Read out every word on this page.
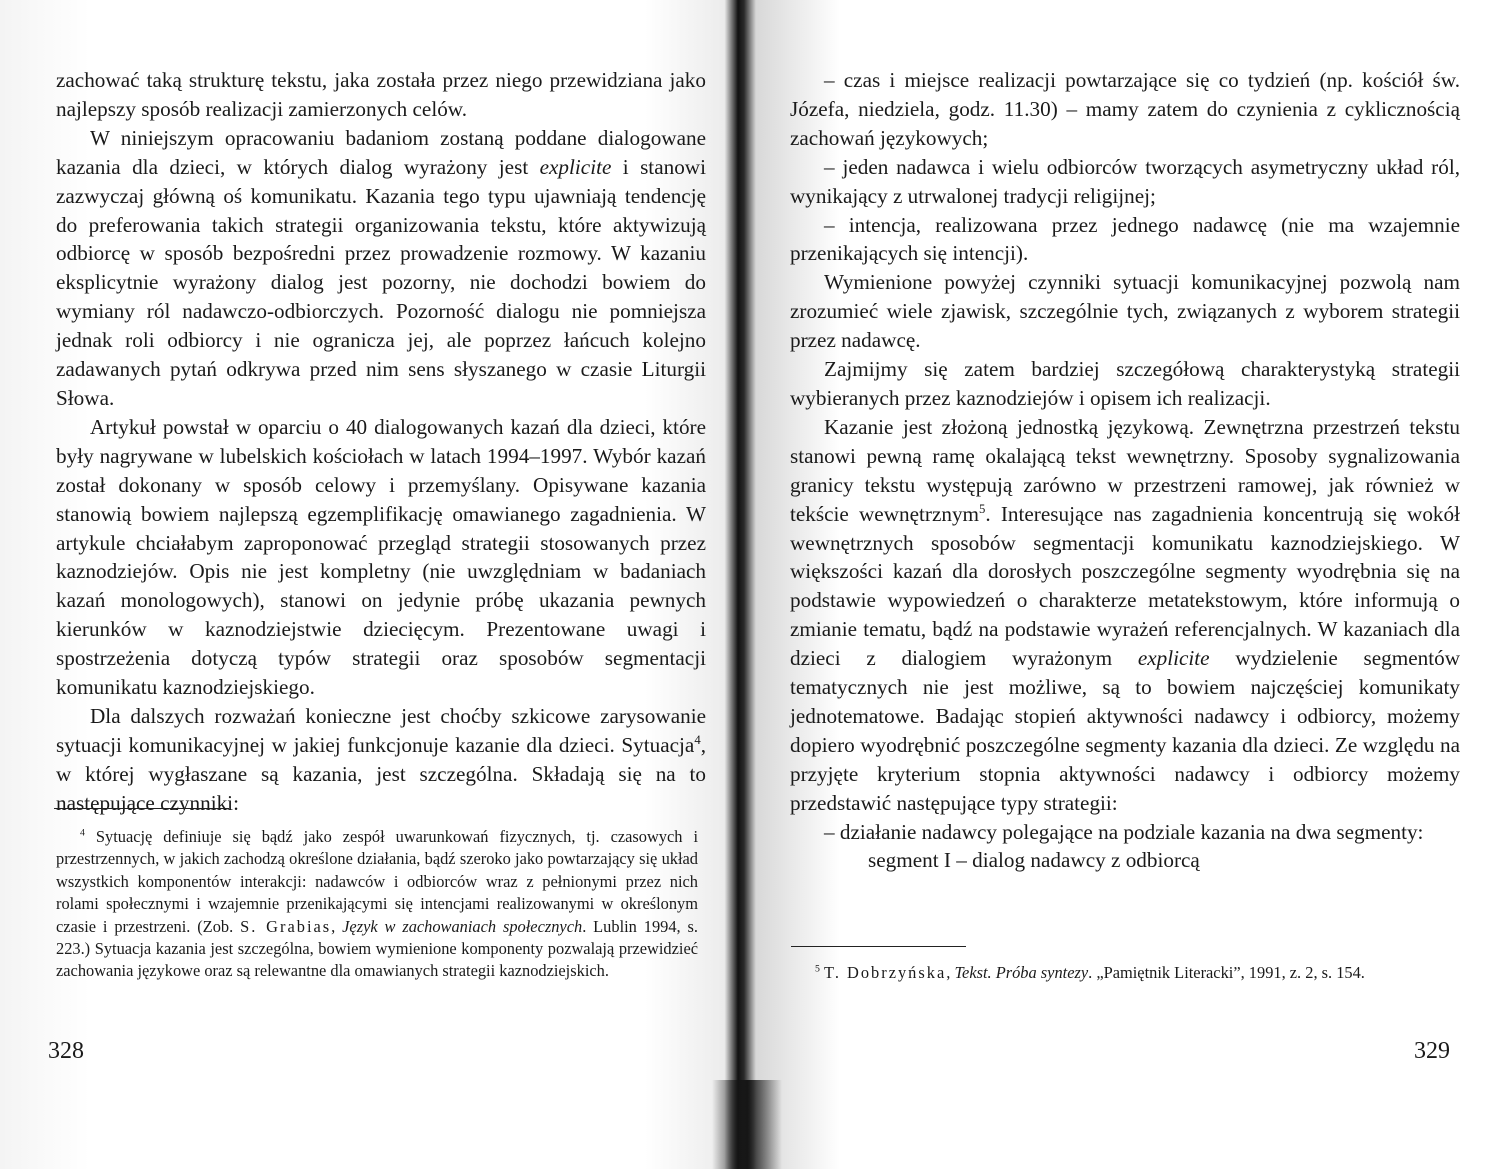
zachować taką strukturę tekstu, jaka została przez niego przewidziana jako najlepszy sposób realizacji zamierzonych celów.

W niniejszym opracowaniu badaniom zostaną poddane dialogowane kazania dla dzieci, w których dialog wyrażony jest explicite i stanowi zazwyczaj główną oś komunikatu. Kazania tego typu ujawniają tendencję do preferowania takich strategii organizowania tekstu, które aktywizują odbiorcę w sposób bezpośredni przez prowadzenie rozmowy. W kazaniu eksplicytnie wyrażony dialog jest pozorny, nie dochodzi bowiem do wymiany ról nadawczo-odbiorczych. Pozorność dialogu nie pomniejsza jednak roli odbiorcy i nie ogranicza jej, ale poprzez łańcuch kolejno zadawanych pytań odkrywa przed nim sens słyszanego w czasie Liturgii Słowa.

Artykuł powstał w oparciu o 40 dialogowanych kazań dla dzieci, które były nagrywane w lubelskich kościołach w latach 1994–1997. Wybór kazań został dokonany w sposób celowy i przemyślany. Opisywane kazania stanowią bowiem najlepszą egzemplifikację omawianego zagadnienia. W artykule chciałabym zaproponować przegląd strategii stosowanych przez kaznodziejów. Opis nie jest kompletny (nie uwzględniam w badaniach kazań monologowych), stanowi on jedynie próbę ukazania pewnych kierunków w kaznodziejstwie dziecięcym. Prezentowane uwagi i spostrzeżenia dotyczą typów strategii oraz sposobów segmentacji komunikatu kaznodziejskiego.

Dla dalszych rozważań konieczne jest choćby szkicowe zarysowanie sytuacji komunikacyjnej w jakiej funkcjonuje kazanie dla dzieci. Sytuacja$^4$, w której wygłaszane są kazania, jest szczególna. Składają się na to następujące czynniki:

$^4$ Sytuację definiuje się bądź jako zespół uwarunkowań fizycznych, tj. czasowych i przestrzennych, w jakich zachodzą określone działania, bądź szeroko jako powtarzający się układ wszystkich komponentów interakcji: nadawców i odbiorców wraz z pełnionymi przez nich rolami społecznymi i wzajemnie przenikającymi się intencjami realizowanymi w określonym czasie i przestrzeni. (Zob. S. Grabias, Język w zachowaniach społecznych. Lublin 1994, s. 223.) Sytuacja kazania jest szczególna, bowiem wymienione komponenty pozwalają przewidzieć zachowania językowe oraz są relewantne dla omawianych strategii kaznodziejskich.

328

– czas i miejsce realizacji powtarzające się co tydzień (np. kościół św. Józefa, niedziela, godz. 11.30) – mamy zatem do czynienia z cyklicznością zachowań językowych;

– jeden nadawca i wielu odbiorców tworzących asymetryczny układ ról, wynikający z utrwalonej tradycji religijnej;

– intencja, realizowana przez jednego nadawcę (nie ma wzajemnie przenikających się intencji).

Wymienione powyżej czynniki sytuacji komunikacyjnej pozwolą nam zrozumieć wiele zjawisk, szczególnie tych, związanych z wyborem strategii przez nadawcę.

Zajmijmy się zatem bardziej szczegółową charakterystyką strategii wybieranych przez kaznodziejów i opisem ich realizacji.

Kazanie jest złożoną jednostką językową. Zewnętrzna przestrzeń tekstu stanowi pewną ramę okalającą tekst wewnętrzny. Sposoby sygnalizowania granicy tekstu występują zarówno w przestrzeni ramowej, jak również w tekście wewnętrznym$^5$. Interesujące nas zagadnienia koncentrują się wokół wewnętrznych sposobów segmentacji komunikatu kaznodziejskiego. W większości kazań dla dorosłych poszczególne segmenty wyodrębnia się na podstawie wypowiedzeń o charakterze metatekstowym, które informują o zmianie tematu, bądź na podstawie wyrażeń referencjalnych. W kazaniach dla dzieci z dialogiem wyrażonym explicite wydzielenie segmentów tematycznych nie jest możliwe, są to bowiem najczęściej komunikaty jednotematowe. Badając stopień aktywności nadawcy i odbiorcy, możemy dopiero wyodrębnić poszczególne segmenty kazania dla dzieci. Ze względu na przyjęte kryterium stopnia aktywności nadawcy i odbiorcy możemy przedstawić następujące typy strategii:

– działanie nadawcy polegające na podziale kazania na dwa segmenty:

segment I – dialog nadawcy z odbiorcą

$^5$ T. Dobrzyńska, Tekst. Próba syntezy. „Pamiętnik Literacki”, 1991, z. 2, s. 154.

329
